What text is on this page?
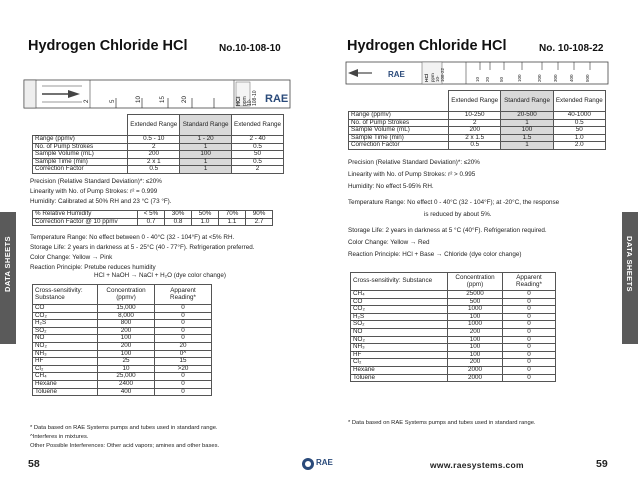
Hydrogen Chloride HCl	No.10-108-10
RAE
2	5	10	15 20	HCl ppm 10- 108-10
	Extended Range	Standard Range	Extended Range
Range (ppmv)	0.5 - 10	1 - 20	2 - 40
No. of Pump Strokes	2	1	0.5
Sample Volume (mL)	200	100	50
Sample Time (min)	2 x 1	1	0.5
Correction Factor	0.5	1	2
Precision (Relative Standard Deviation)*: ≤20%
Linearity with No. of Pump Strokes: r² = 0.999
Humidity: Calibrated at 50% RH and 23 °C (73 °F).
% Relative Humidity	< 5%	30%	50%	70%	90%
Correction Factor @ 10 ppmv	0.7	0.8	1.0	1.1	2.7
Temperature Range: No effect between 0 - 40°C (32 - 104°F) at <5% RH.
Storage Life: 2 years in darkness at 5 - 25°C (40 - 77°F). Refrigeration preferred.
Color Change: Yellow → Pink
Reaction Principle: Pretube reduces humidity
HCl + NaOH → NaCl + H₂O (dye color change)
Cross-sensitivity: Substance	Concentration (ppmv)	Apparent Reading*
CO	15,000	0
CO₂	8,000	0
H₂S	800	0
SO₂	200	0
NO	100	0
NO₂	200	20
NH₃	100	0^
HF	25	15
Cl₂	10	>20
CH₄	25,000	0
Hexane	2400	0
Toluene	400	0
* Data based on RAE Systems pumps and tubes used in standard range.
^Interferes in mixtures.
Other Possible Interferences: Other acid vapors; amines and other bases.
58	RAE
DATA SHEETS
Hydrogen Chloride HCl	No. 10-108-22
RAE	HCl ppm 10- 108-22	10 20 50	100	200 300 400 500
	Extended Range	Standard Range	Extended Range
Range (ppmv)	10-250	20-500	40-1000
No. of Pump Strokes	2	1	0.5
Sample Volume (mL)	200	100	50
Sample Time (min)	2 x 1.5	1.5	1.0
Correction Factor	0.5	1	2.0
Precision (Relative Standard Deviation)*: ≤20%
Linearity with No. of Pump Strokes: r² > 0.995
Humidity: No effect 5-95% RH.
Temperature Range: No effect 0 - 40°C (32 - 104°F); at -20°C, the response
is reduced by about 5%.
Storage Life: 2 years in darkness at 5 °C (40°F). Refrigeration required.
Color Change: Yellow → Red
Reaction Principle: HCl + Base → Chloride (dye color change)
Cross-sensitivity: Substance	Concentration (ppm)	Apparent Reading*
CH₄	25000	0
CO	500	0
CO₂	1000	0
H₂S	100	0
SO₂	1000	0
NO	200	0
NO₂	100	0
NH₃	100	0
HF	100	0
Cl₂	200	0
Hexane	2000	0
Toluene	2000	0
* Data based on RAE Systems pumps and tubes used in standard range.
www.raesystems.com	59
DATA SHEETS
